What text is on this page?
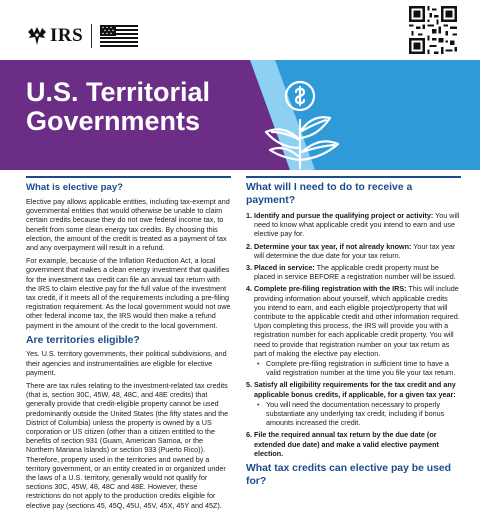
IRS
U.S. Territorial Governments
What is elective pay?

Elective pay allows applicable entities, including tax-exempt and governmental entities that would otherwise be unable to claim certain credits because they do not owe federal income tax, to benefit from some clean energy tax credits. By choosing this election, the amount of the credit is treated as a payment of tax and any overpayment will result in a refund.

For example, because of the Inflation Reduction Act, a local government that makes a clean energy investment that qualifies for the investment tax credit can file an annual tax return with the IRS to claim elective pay for the full value of the investment tax credit, if it meets all of the requirements including a pre-filing registration requirement. As the local government would not owe other federal income tax, the IRS would then make a refund payment in the amount of the credit to the local government.

Are territories eligible?

Yes. U.S. territory governments, their political subdivisions, and their agencies and instrumentalities are eligible for elective payment.

There are tax rules relating to the investment-related tax credits (that is, section 30C, 45W, 48, 48C, and 48E credits) that generally provide that credit-eligible property cannot be used predominantly outside the United States (the fifty states and the District of Columbia) unless the property is owned by a US corporation or US citizen (other than a citizen entitled to the benefits of section 931 (Guam, American Samoa, or the Northern Mariana Islands) or section 933 (Puerto Rico)). Therefore, property used in the territories and owned by a territory government, or an entity created in or organized under the laws of a U.S. territory, generally would not qualify for sections 30C, 45W, 48, 48C and 48E. However, these restrictions do not apply to the production credits eligible for elective pay (sections 45, 45Q, 45U, 45V, 45X, 45Y and 45Z).

What will I need to do to receive a payment?
1. Identify and pursue the qualifying project or activity: You will need to know what applicable credit you intend to earn and use elective pay for.
2. Determine your tax year, if not already known: Your tax year will determine the due date for your tax return.
3. Placed in service: The applicable credit property must be placed in service BEFORE a registration number will be issued.
4. Complete pre-filing registration with the IRS: This will include providing information about yourself, which applicable credits you intend to earn, and each eligible project/property that will contribute to the applicable credit and other information required. Upon completing this process, the IRS will provide you with a registration number for each applicable credit property. You will need to provide that registration number on your tax return as part of making the elective pay election.
• Complete pre-filing registration in sufficient time to have a valid registration number at the time you file your tax return.
5. Satisfy all eligibility requirements for the tax credit and any applicable bonus credits, if applicable, for a given tax year:
• You will need the documentation necessary to properly substantiate any underlying tax credit, including if bonus amounts increased the credit.
6. File the required annual tax return by the due date (or extended due date) and make a valid elective payment election.
What tax credits can elective pay be used for?
